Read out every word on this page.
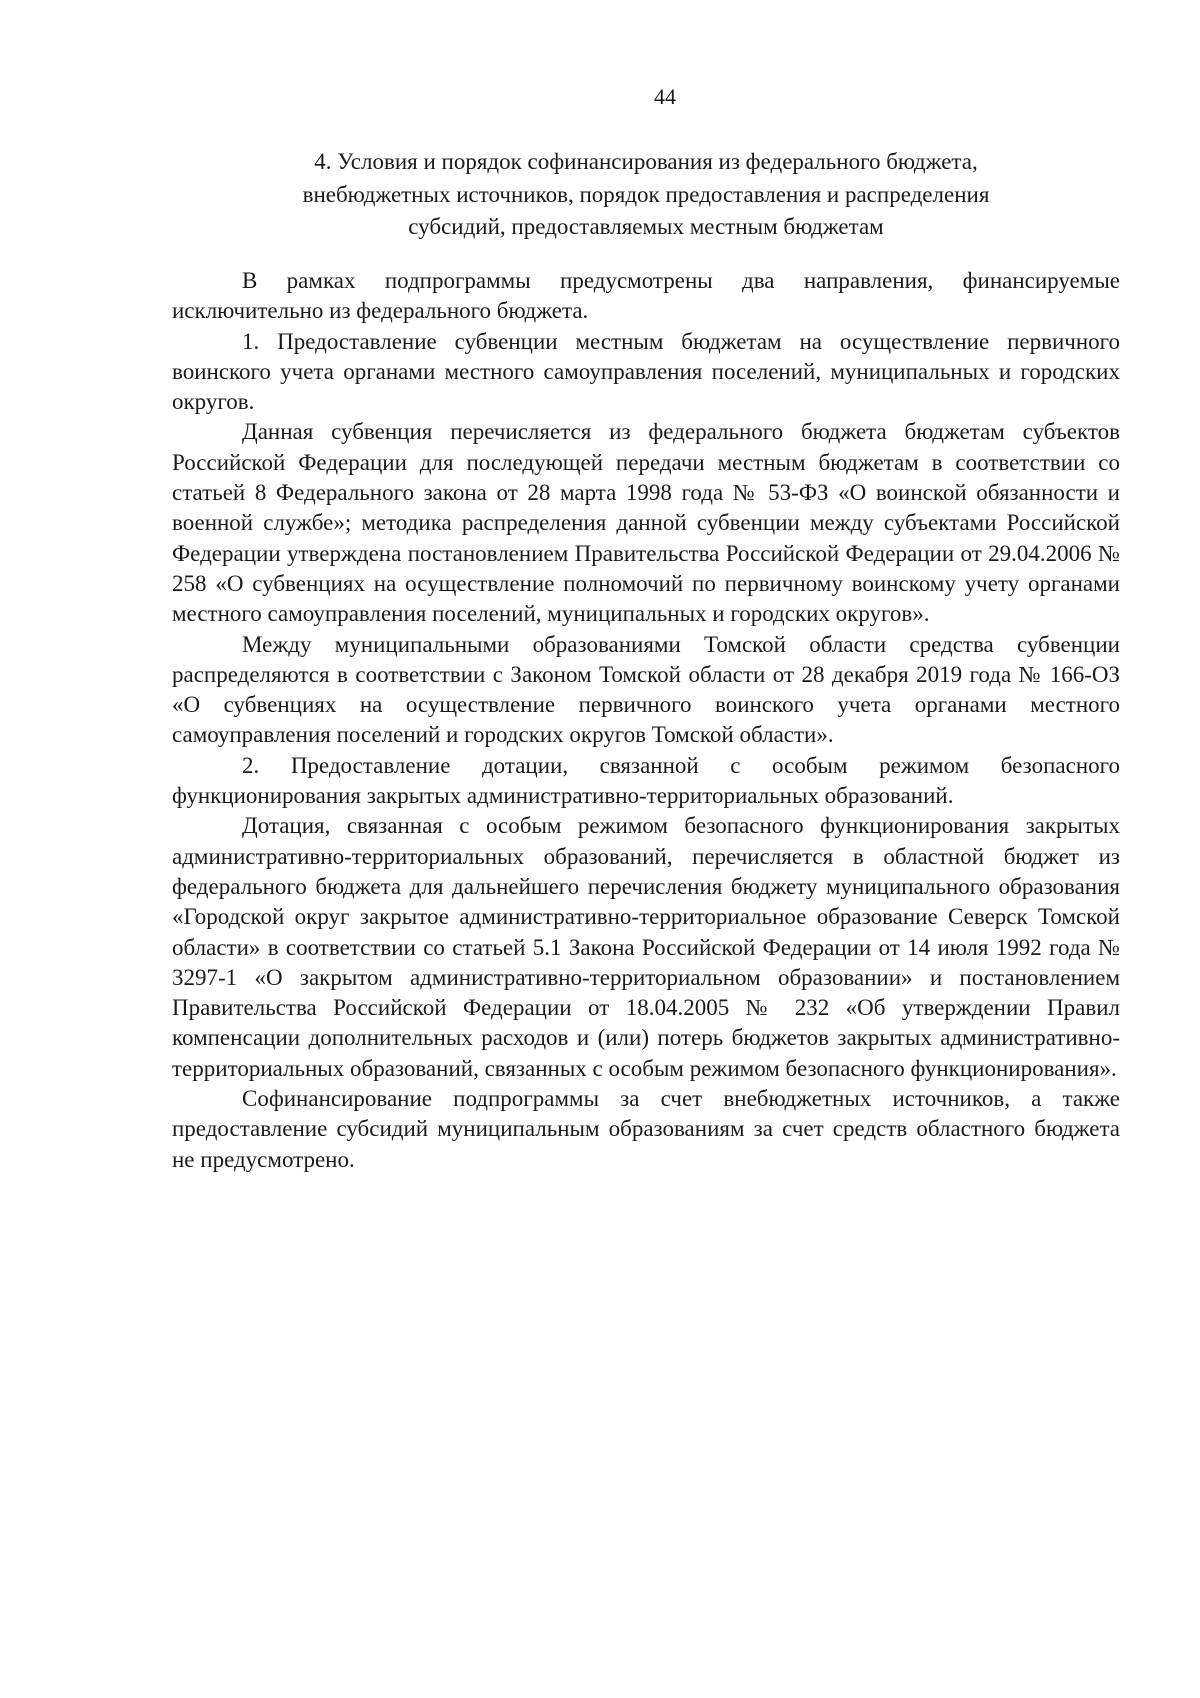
44
4. Условия и порядок софинансирования из федерального бюджета,
внебюджетных источников, порядок предоставления и распределения
субсидий, предоставляемых местным бюджетам

В рамках подпрограммы предусмотрены два направления, финансируемые исключительно из федерального бюджета.

1. Предоставление субвенции местным бюджетам на осуществление первичного воинского учета органами местного самоуправления поселений, муниципальных и городских округов.

Данная субвенция перечисляется из федерального бюджета бюджетам субъектов Российской Федерации для последующей передачи местным бюджетам в соответствии со статьей 8 Федерального закона от 28 марта 1998 года № 53-ФЗ «О воинской обязанности и военной службе»; методика распределения данной субвенции между субъектами Российской Федерации утверждена постановлением Правительства Российской Федерации от 29.04.2006 № 258 «О субвенциях на осуществление полномочий по первичному воинскому учету органами местного самоуправления поселений, муниципальных и городских округов».

Между муниципальными образованиями Томской области средства субвенции распределяются в соответствии с Законом Томской области от 28 декабря 2019 года № 166-ОЗ «О субвенциях на осуществление первичного воинского учета органами местного самоуправления поселений и городских округов Томской области».

2. Предоставление дотации, связанной с особым режимом безопасного функционирования закрытых административно-территориальных образований.

Дотация, связанная с особым режимом безопасного функционирования закрытых административно-территориальных образований, перечисляется в областной бюджет из федерального бюджета для дальнейшего перечисления бюджету муниципального образования «Городской округ закрытое административно-территориальное образование Северск Томской области» в соответствии со статьей 5.1 Закона Российской Федерации от 14 июля 1992 года № 3297-1 «О закрытом административно-территориальном образовании» и постановлением Правительства Российской Федерации от 18.04.2005 № 232 «Об утверждении Правил компенсации дополнительных расходов и (или) потерь бюджетов закрытых административно-территориальных образований, связанных с особым режимом безопасного функционирования».

Софинансирование подпрограммы за счет внебюджетных источников, а также предоставление субсидий муниципальным образованиям за счет средств областного бюджета не предусмотрено.
